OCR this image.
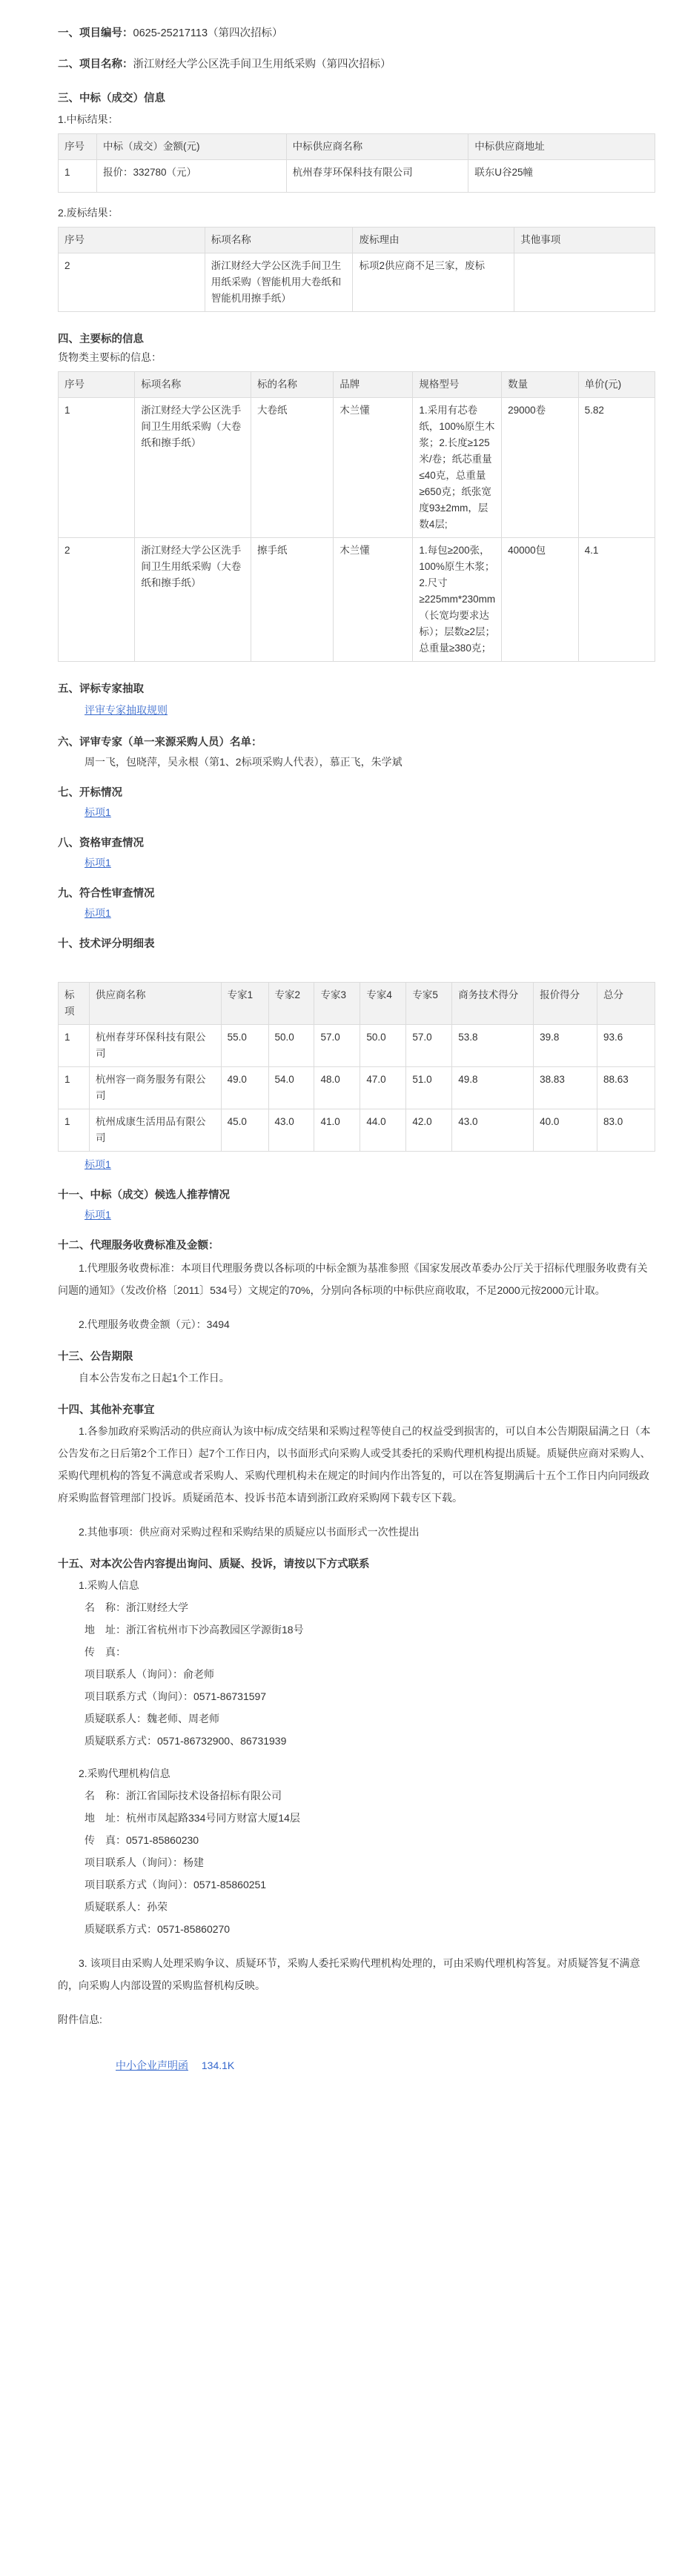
一、项目编号：0625-25217113（第四次招标）

二、项目名称：浙江财经大学公区洗手间卫生用纸采购（第四次招标）

三、中标（成交）信息

1.中标结果：

序号	中标（成交）金额(元)	中标供应商名称	中标供应商地址
1	报价：332780（元）	杭州春芽环保科技有限公司	联东U谷25幢

2.废标结果：

序号	标项名称	废标理由	其他事项
2	浙江财经大学公区洗手间卫生用纸采购（智能机用大卷纸和智能机用擦手纸）	标项2供应商不足三家，废标	

四、主要标的信息

货物类主要标的信息：

序号	标项名称	标的名称	品牌	规格型号	数量	单价(元)
1	浙江财经大学公区洗手间卫生用纸采购（大卷纸和擦手纸）	大卷纸	木兰懂	1.采用有芯卷纸，100%原生木浆；2.长度≥125米/卷；纸芯重量≤40克，总重量≥650克；纸张宽度93±2mm，层数4层;	29000卷	5.82
2	浙江财经大学公区洗手间卫生用纸采购（大卷纸和擦手纸）	擦手纸	木兰懂	1.每包≥200张，100%原生木浆；2.尺寸≥225mm*230mm（长宽均要求达标）；层数≥2层；总重量≥380克；	40000包	4.1

五、评标专家抽取

评审专家抽取规则

六、评审专家（单一来源采购人员）名单：

周一飞，包晓萍，吴永根（第1、2标项采购人代表），慕正飞，朱学斌

七、开标情况

标项1

八、资格审查情况

标项1

九、符合性审查情况

标项1

十、技术评分明细表

标项	供应商名称	专家1	专家2	专家3	专家4	专家5	商务技术得分	报价得分	总分
1	杭州春芽环保科技有限公司	55.0	50.0	57.0	50.0	57.0	53.8	39.8	93.6
1	杭州容一商务服务有限公司	49.0	54.0	48.0	47.0	51.0	49.8	38.83	88.63
1	杭州成康生活用品有限公司	45.0	43.0	41.0	44.0	42.0	43.0	40.0	83.0

标项1

十一、中标（成交）候选人推荐情况

标项1

十二、代理服务收费标准及金额：

1.代理服务收费标准：本项目代理服务费以各标项的中标金额为基准参照《国家发展改革委办公厅关于招标代理服务收费有关问题的通知》（发改价格〔2011〕534号）文规定的70%，分别向各标项的中标供应商收取，不足2000元按2000元计取。

2.代理服务收费金额（元）：3494

十三、公告期限

自本公告发布之日起1个工作日。

十四、其他补充事宜

1.各参加政府采购活动的供应商认为该中标/成交结果和采购过程等使自己的权益受到损害的，可以自本公告期限届满之日（本公告发布之日后第2个工作日）起7个工作日内，以书面形式向采购人或受其委托的采购代理机构提出质疑。质疑供应商对采购人、采购代理机构的答复不满意或者采购人、采购代理机构未在规定的时间内作出答复的，可以在答复期满后十五个工作日内向同级政府采购监督管理部门投诉。质疑函范本、投诉书范本请到浙江政府采购网下载专区下载。

2.其他事项：供应商对采购过程和采购结果的质疑应以书面形式一次性提出

十五、对本次公告内容提出询问、质疑、投诉，请按以下方式联系

1.采购人信息

名　称：浙江财经大学

地　址：浙江省杭州市下沙高教园区学源街18号

传　真：

项目联系人（询问）：俞老师

项目联系方式（询问）：0571-86731597

质疑联系人：魏老师、周老师

质疑联系方式：0571-86732900、86731939

2.采购代理机构信息

名　称：浙江省国际技术设备招标有限公司

地　址：杭州市凤起路334号同方财富大厦14层

传　真：0571-85860230

项目联系人（询问）：杨建

项目联系方式（询问）：0571-85860251

质疑联系人：孙荣

质疑联系方式：0571-85860270

3. 该项目由采购人处理采购争议、质疑环节，采购人委托采购代理机构处理的，可由采购代理机构答复。对质疑答复不满意的，向采购人内部设置的采购监督机构反映。

附件信息:

中小企业声明函 134.1K
